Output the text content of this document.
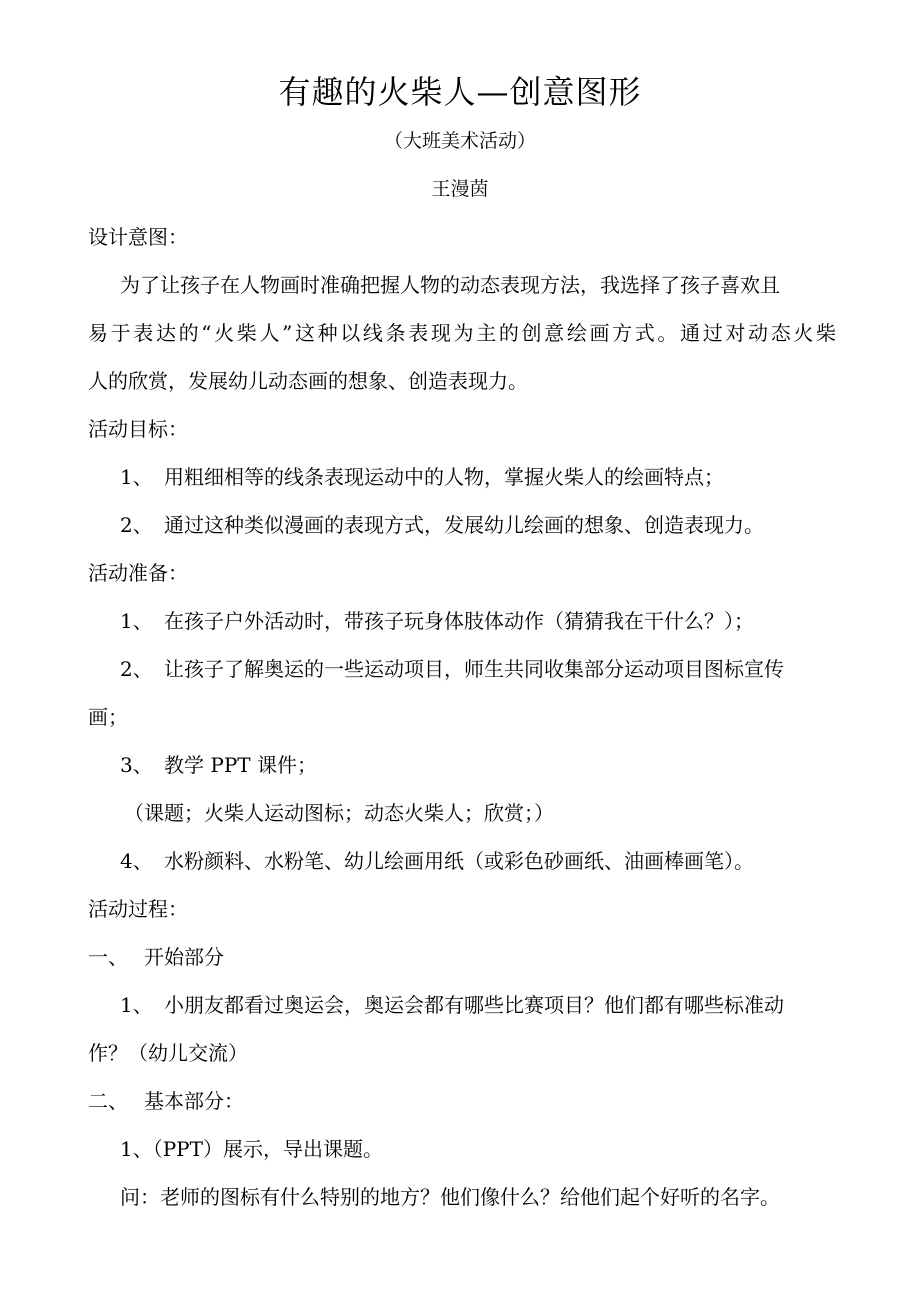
有趣的火柴人—创意图形
（大班美术活动）
王漫茵
设计意图：
为了让孩子在人物画时准确把握人物的动态表现方法，我选择了孩子喜欢且
易于表达的“火柴人”这种以线条表现为主的创意绘画方式。通过对动态火柴
人的欣赏，发展幼儿动态画的想象、创造表现力。
活动目标：
1、 用粗细相等的线条表现运动中的人物，掌握火柴人的绘画特点；
2、 通过这种类似漫画的表现方式，发展幼儿绘画的想象、创造表现力。
活动准备：
1、 在孩子户外活动时，带孩子玩身体肢体动作（猜猜我在干什么？）；
2、 让孩子了解奥运的一些运动项目，师生共同收集部分运动项目图标宣传
画；
3、 教学 PPT 课件；
（课题；火柴人运动图标；动态火柴人；欣赏；）
4、 水粉颜料、水粉笔、幼儿绘画用纸（或彩色砂画纸、油画棒画笔）。
活动过程：
一、 开始部分
1、 小朋友都看过奥运会，奥运会都有哪些比赛项目？他们都有哪些标准动
作？（幼儿交流）
二、 基本部分：
1、（PPT）展示，导出课题。
问：老师的图标有什么特别的地方？他们像什么？给他们起个好听的名字。
